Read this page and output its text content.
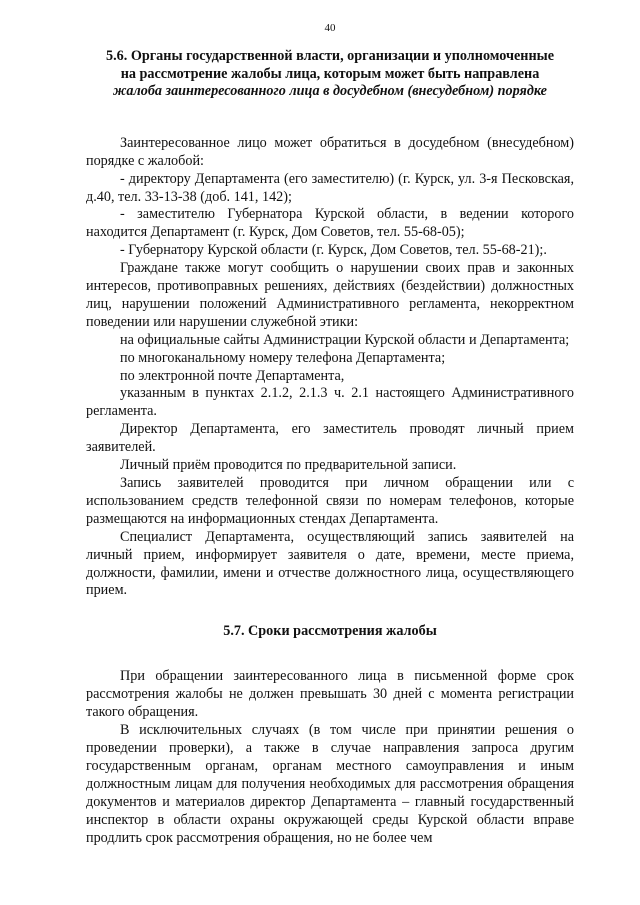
40
5.6. Органы государственной власти, организации и уполномоченные
на рассмотрение жалобы лица, которым может быть направлена
жалоба заинтересованного лица в досудебном (внесудебном) порядке

Заинтересованное лицо может обратиться в досудебном (внесудебном) порядке с жалобой:

- директору Департамента (его заместителю) (г. Курск, ул. 3-я Песковская, д.40, тел. 33-13-38 (доб. 141, 142);

- заместителю Губернатора Курской области, в ведении которого находится Департамент (г. Курск, Дом Советов, тел. 55-68-05);

- Губернатору Курской области (г. Курск, Дом Советов, тел. 55-68-21);.

Граждане также могут сообщить о нарушении своих прав и законных интересов, противоправных решениях, действиях (бездействии) должностных лиц, нарушении положений Административного регламента, некорректном поведении или нарушении служебной этики:

на официальные сайты Администрации Курской области и Департамента;

по многоканальному номеру телефона Департамента;

по электронной почте Департамента,

указанным в пунктах 2.1.2, 2.1.3 ч. 2.1 настоящего Административного регламента.

Директор Департамента, его заместитель проводят личный прием заявителей.

Личный приём проводится по предварительной записи.

Запись заявителей проводится при личном обращении или с использованием средств телефонной связи по номерам телефонов, которые размещаются на информационных стендах Департамента.

Специалист Департамента, осуществляющий запись заявителей на личный прием, информирует заявителя о дате, времени, месте приема, должности, фамилии, имени и отчестве должностного лица, осуществляющего прием.

5.7. Сроки рассмотрения жалобы

При обращении заинтересованного лица в письменной форме срок рассмотрения жалобы не должен превышать 30 дней с момента регистрации такого обращения.

В исключительных случаях (в том числе при принятии решения о проведении проверки), а также в случае направления запроса другим государственным органам, органам местного самоуправления и иным должностным лицам для получения необходимых для рассмотрения обращения документов и материалов директор Департамента – главный государственный инспектор в области охраны окружающей среды Курской области вправе продлить срок рассмотрения обращения, но не более чем
